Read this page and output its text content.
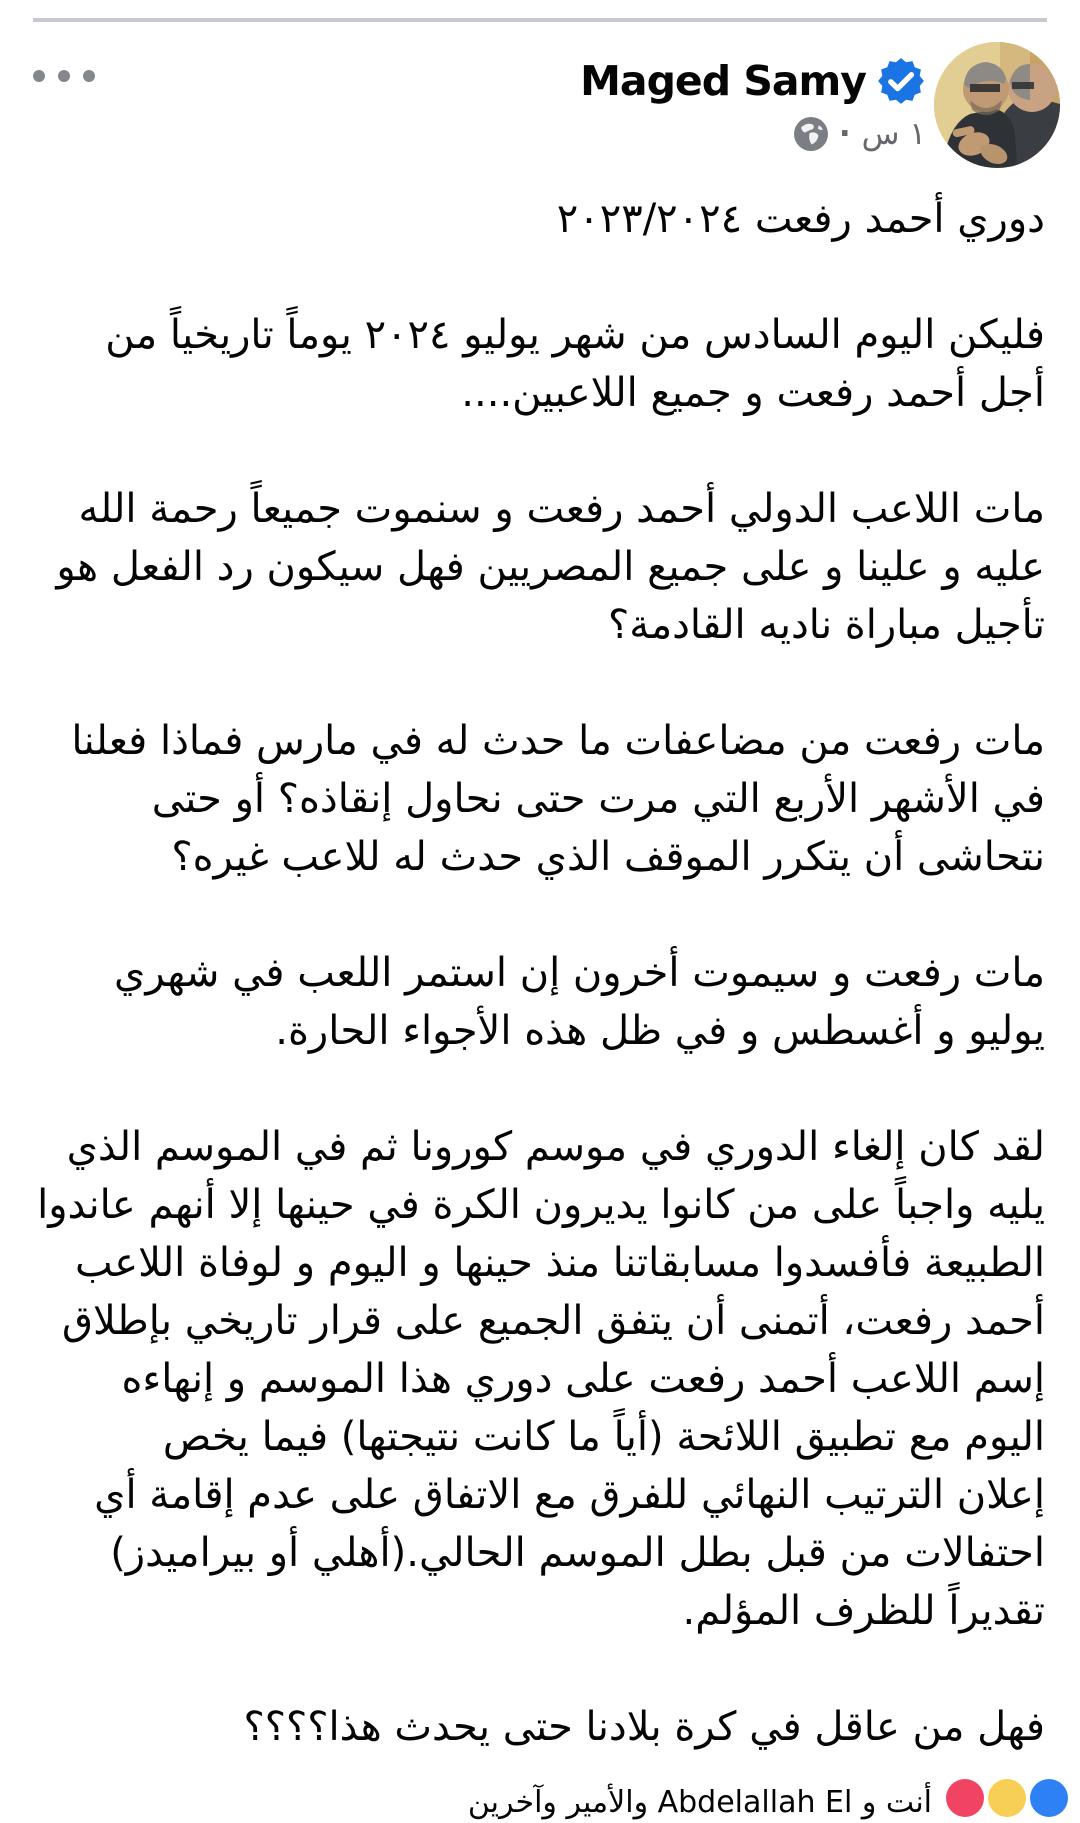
Maged Samy
١ س
·
دوري أحمد رفعت ٢٠٢٣/٢٠٢٤
فليكن اليوم السادس من شهر يوليو ٢٠٢٤ يوماً تاريخياً من
أجل أحمد رفعت و جميع اللاعبين....
مات اللاعب الدولي أحمد رفعت و سنموت جميعاً رحمة الله
عليه و علينا و على جميع المصريين فهل سيكون رد الفعل هو
تأجيل مباراة ناديه القادمة؟
مات رفعت من مضاعفات ما حدث له في مارس فماذا فعلنا
في الأشهر الأربع التي مرت حتى نحاول إنقاذه؟ أو حتى
نتحاشى أن يتكرر الموقف الذي حدث له للاعب غيره؟
مات رفعت و سيموت أخرون إن استمر اللعب في شهري
يوليو و أغسطس و في ظل هذه الأجواء الحارة.
لقد كان إلغاء الدوري في موسم كورونا ثم في الموسم الذي
يليه واجباً على من كانوا يديرون الكرة في حينها إلا أنهم عاندوا
الطبيعة فأفسدوا مسابقاتنا منذ حينها و اليوم و لوفاة اللاعب
أحمد رفعت، أتمنى أن يتفق الجميع على قرار تاريخي بإطلاق
إسم اللاعب أحمد رفعت على دوري هذا الموسم و إنهاءه
اليوم مع تطبيق اللائحة (أياً ما كانت نتيجتها) فيما يخص
إعلان الترتيب النهائي للفرق مع الاتفاق على عدم إقامة أي
احتفالات من قبل بطل الموسم الحالي.(أهلي أو بيراميدز)
تقديراً للظرف المؤلم.
فهل من عاقل في كرة بلادنا حتى يحدث هذا؟؟؟؟
أنت و Abdelallah El والأمير وآخرين
